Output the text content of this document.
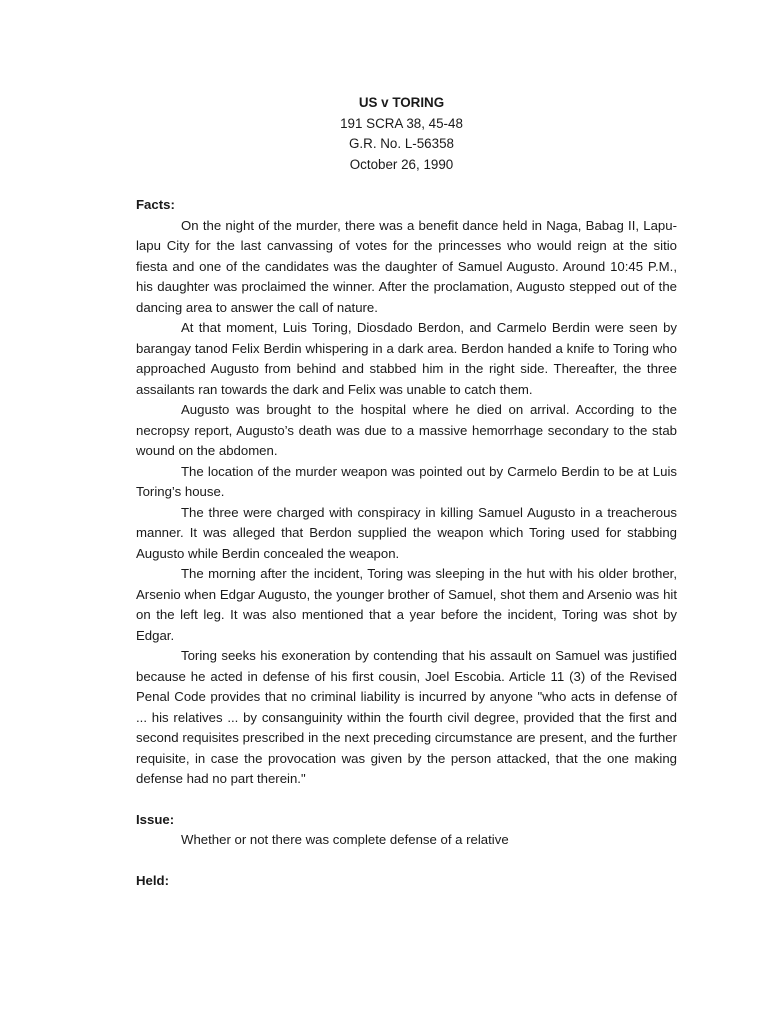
US v TORING
191 SCRA 38, 45-48
G.R. No. L-56358
October 26, 1990
Facts:

On the night of the murder, there was a benefit dance held in Naga, Babag II, Lapu-lapu City for the last canvassing of votes for the princesses who would reign at the sitio fiesta and one of the candidates was the daughter of Samuel Augusto. Around 10:45 P.M., his daughter was proclaimed the winner. After the proclamation, Augusto stepped out of the dancing area to answer the call of nature.

At that moment, Luis Toring, Diosdado Berdon, and Carmelo Berdin were seen by barangay tanod Felix Berdin whispering in a dark area. Berdon handed a knife to Toring who approached Augusto from behind and stabbed him in the right side. Thereafter, the three assailants ran towards the dark and Felix was unable to catch them.

Augusto was brought to the hospital where he died on arrival. According to the necropsy report, Augusto’s death was due to a massive hemorrhage secondary to the stab wound on the abdomen.

The location of the murder weapon was pointed out by Carmelo Berdin to be at Luis Toring’s house.

The three were charged with conspiracy in killing Samuel Augusto in a treacherous manner. It was alleged that Berdon supplied the weapon which Toring used for stabbing Augusto while Berdin concealed the weapon.

The morning after the incident, Toring was sleeping in the hut with his older brother, Arsenio when Edgar Augusto, the younger brother of Samuel, shot them and Arsenio was hit on the left leg. It was also mentioned that a year before the incident, Toring was shot by Edgar.

Toring seeks his exoneration by contending that his assault on Samuel was justified because he acted in defense of his first cousin, Joel Escobia. Article 11 (3) of the Revised Penal Code provides that no criminal liability is incurred by anyone "who acts in defense of ... his relatives ... by consanguinity within the fourth civil degree, provided that the first and second requisites prescribed in the next preceding circumstance are present, and the further requisite, in case the provocation was given by the person attacked, that the one making defense had no part therein."

Issue:

Whether or not there was complete defense of a relative

Held:
